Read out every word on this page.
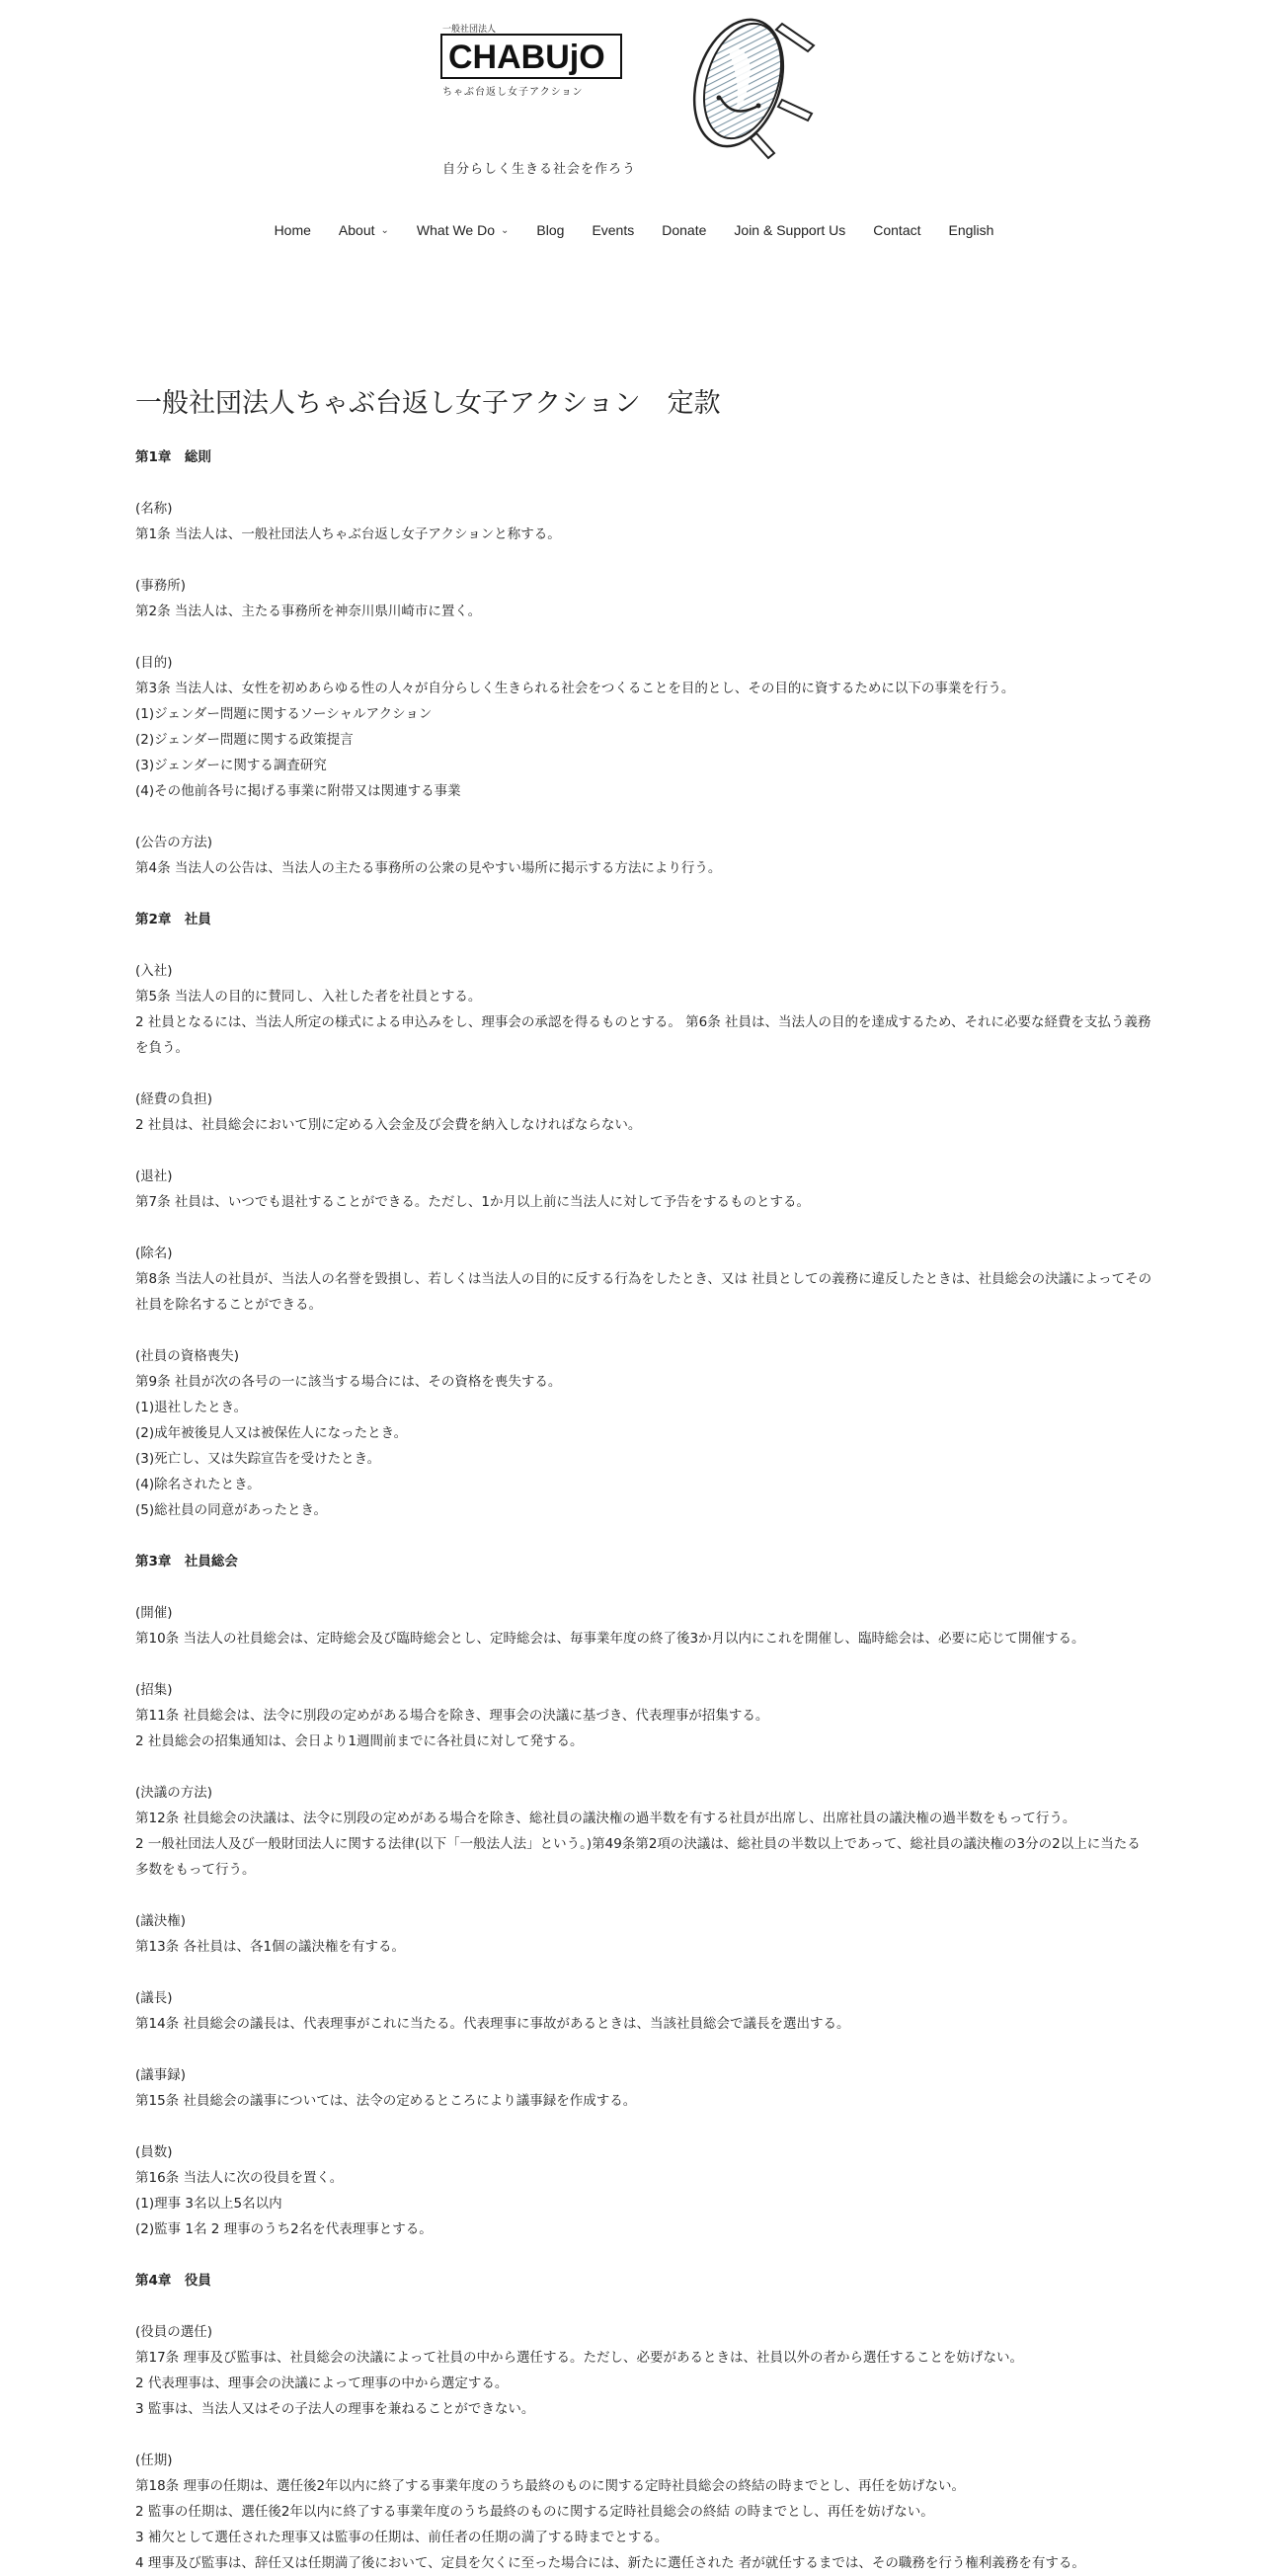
一般社団法人
CHABUjO
ちゃぶ台返し女子アクション
自分らしく生きる社会を作ろう
Home About ⌄ What We Do ⌄ Blog Events Donate Join & Support Us Contact English
一般社団法人ちゃぶ台返し女子アクション　定款

第1章　総則

(名称)

第1条 当法人は、一般社団法人ちゃぶ台返し女子アクションと称する。

(事務所)

第2条 当法人は、主たる事務所を神奈川県川崎市に置く。

(目的)

第3条 当法人は、女性を初めあらゆる性の人々が自分らしく生きられる社会をつくることを目的とし、その目的に資するために以下の事業を行う。

(1)ジェンダー問題に関するソーシャルアクション

(2)ジェンダー問題に関する政策提言

(3)ジェンダーに関する調査研究

(4)その他前各号に掲げる事業に附帯又は関連する事業

(公告の方法)

第4条 当法人の公告は、当法人の主たる事務所の公衆の見やすい場所に掲示する方法により行う。

第2章　社員

(入社)

第5条 当法人の目的に賛同し、入社した者を社員とする。

2 社員となるには、当法人所定の様式による申込みをし、理事会の承認を得るものとする。 第6条 社員は、当法人の目的を達成するため、それに必要な経費を支払う義務を負う。

(経費の負担)

2 社員は、社員総会において別に定める入会金及び会費を納入しなければならない。

(退社)

第7条 社員は、いつでも退社することができる。ただし、1か月以上前に当法人に対して予告をするものとする。

(除名)

第8条 当法人の社員が、当法人の名誉を毀損し、若しくは当法人の目的に反する行為をしたとき、又は 社員としての義務に違反したときは、社員総会の決議によってその社員を除名することができる。

(社員の資格喪失)

第9条 社員が次の各号の一に該当する場合には、その資格を喪失する。

(1)退社したとき。

(2)成年被後見人又は被保佐人になったとき。

(3)死亡し、又は失踪宣告を受けたとき。

(4)除名されたとき。

(5)総社員の同意があったとき。

第3章　社員総会

(開催)

第10条 当法人の社員総会は、定時総会及び臨時総会とし、定時総会は、毎事業年度の終了後3か月以内にこれを開催し、臨時総会は、必要に応じて開催する。

(招集)

第11条 社員総会は、法令に別段の定めがある場合を除き、理事会の決議に基づき、代表理事が招集する。

2 社員総会の招集通知は、会日より1週間前までに各社員に対して発する。

(決議の方法)

第12条 社員総会の決議は、法令に別段の定めがある場合を除き、総社員の議決権の過半数を有する社員が出席し、出席社員の議決権の過半数をもって行う。

2 一般社団法人及び一般財団法人に関する法律(以下「一般法人法」という。)第49条第2項の決議は、総社員の半数以上であって、総社員の議決権の3分の2以上に当たる多数をもって行う。

(議決権)

第13条 各社員は、各1個の議決権を有する。

(議長)

第14条 社員総会の議長は、代表理事がこれに当たる。代表理事に事故があるときは、当該社員総会で議長を選出する。

(議事録)

第15条 社員総会の議事については、法令の定めるところにより議事録を作成する。

(員数)

第16条 当法人に次の役員を置く。

(1)理事 3名以上5名以内

(2)監事 1名 2 理事のうち2名を代表理事とする。

第4章　役員

(役員の選任)

第17条 理事及び監事は、社員総会の決議によって社員の中から選任する。ただし、必要があるときは、社員以外の者から選任することを妨げない。

2 代表理事は、理事会の決議によって理事の中から選定する。

3 監事は、当法人又はその子法人の理事を兼ねることができない。

(任期)

第18条 理事の任期は、選任後2年以内に終了する事業年度のうち最終のものに関する定時社員総会の終結の時までとし、再任を妨げない。

2 監事の任期は、選任後2年以内に終了する事業年度のうち最終のものに関する定時社員総会の終結 の時までとし、再任を妨げない。

3 補欠として選任された理事又は監事の任期は、前任者の任期の満了する時までとする。

4 理事及び監事は、辞任又は任期満了後において、定員を欠くに至った場合には、新たに選任された 者が就任するまでは、その職務を行う権利義務を有する。
